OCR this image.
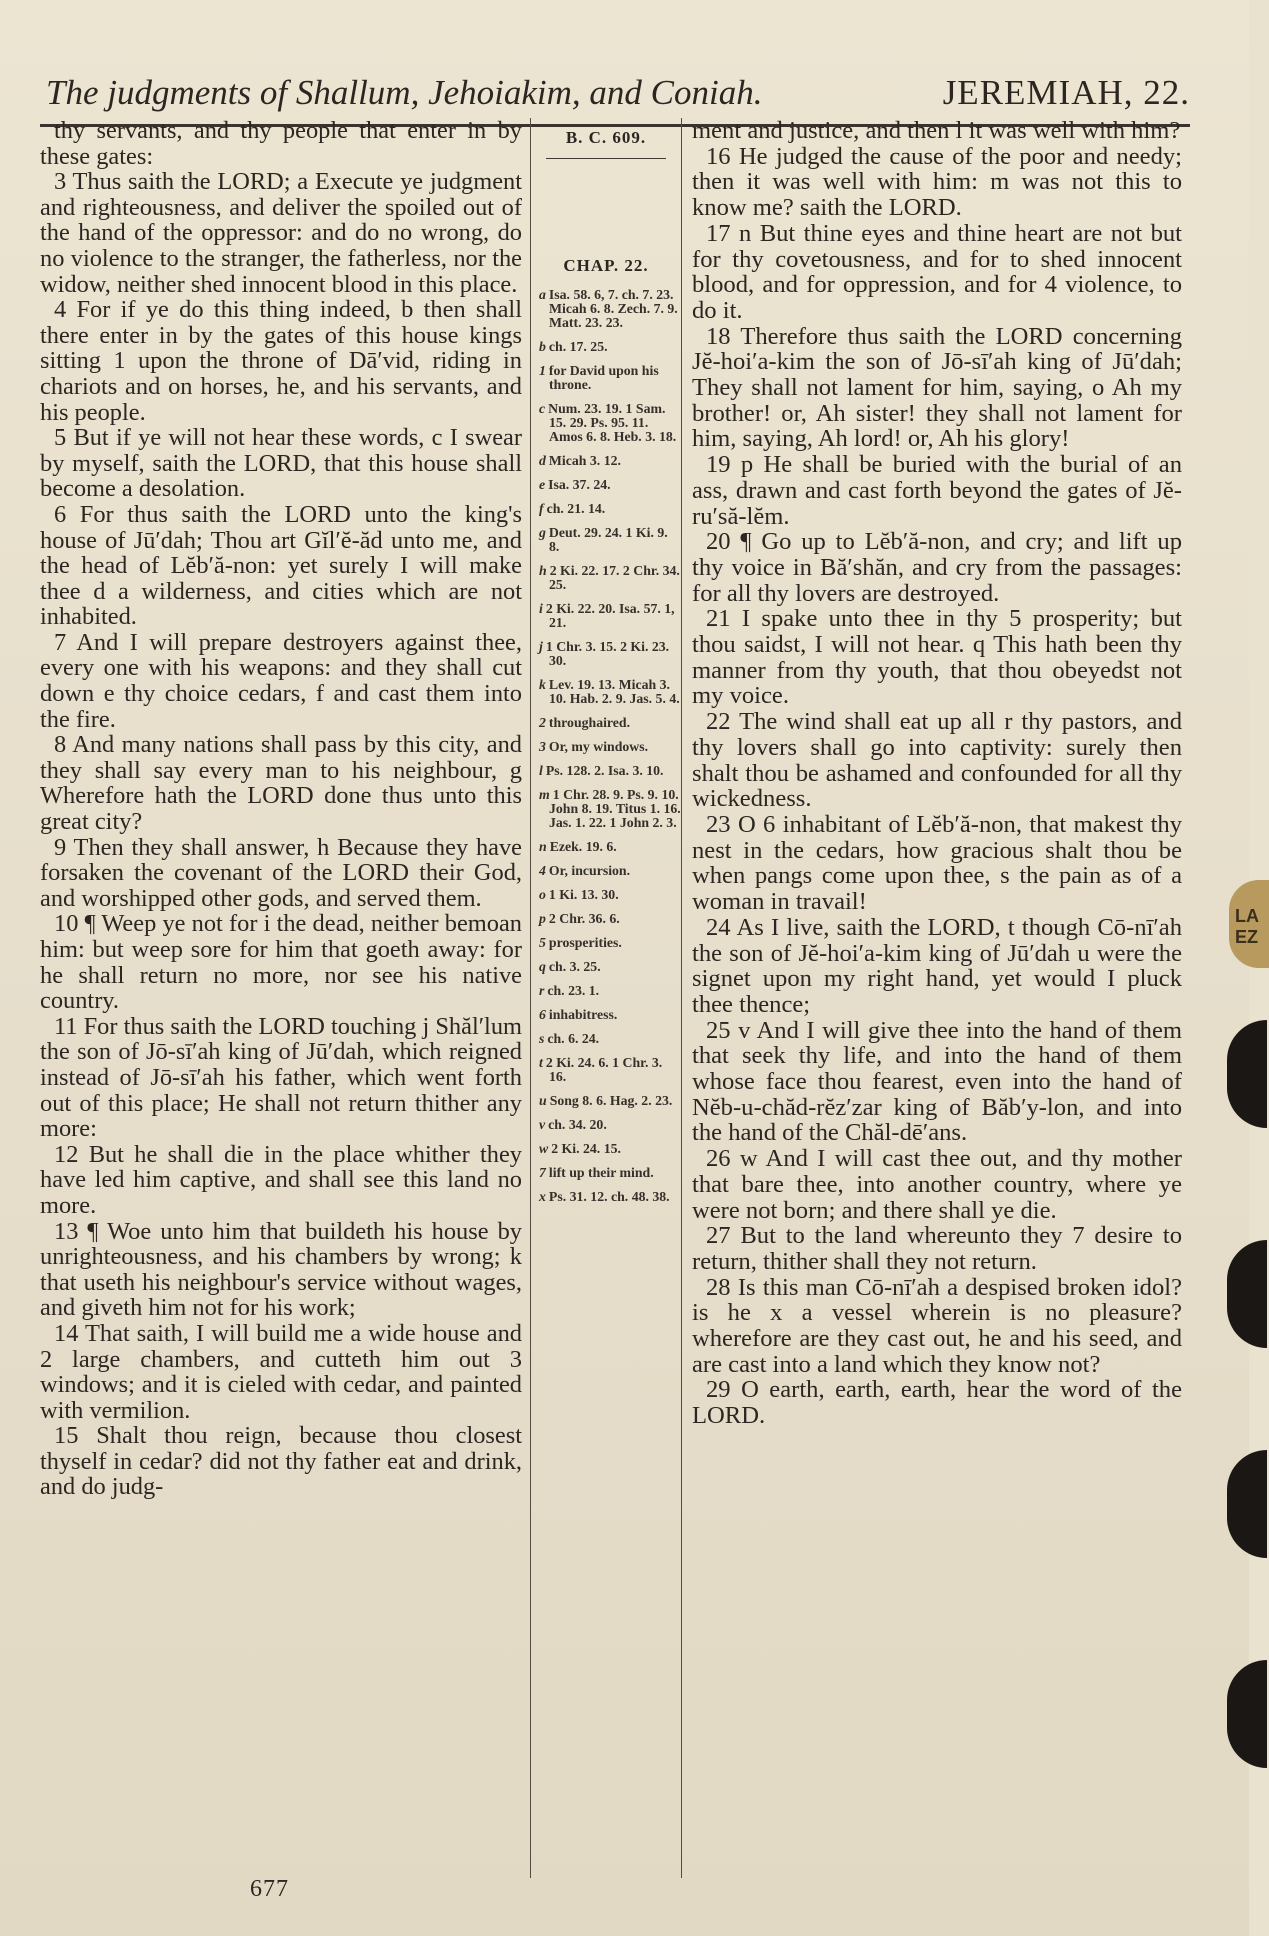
The judgments of Shallum, Jehoiakim, and Coniah.	JEREMIAH, 22.

thy servants, and thy people that enter in by these gates:

3 Thus saith the LORD; a Execute ye judgment and righteousness, and deliver the spoiled out of the hand of the oppressor: and do no wrong, do no violence to the stranger, the fatherless, nor the widow, neither shed innocent blood in this place.

4 For if ye do this thing indeed, b then shall there enter in by the gates of this house kings sitting 1 upon the throne of Dā′vid, riding in chariots and on horses, he, and his servants, and his people.

5 But if ye will not hear these words, c I swear by myself, saith the LORD, that this house shall become a desolation.

6 For thus saith the LORD unto the king's house of Jū′dah; Thou art Gĭl′ĕ-ăd unto me, and the head of Lĕb′ă-non: yet surely I will make thee d a wilderness, and cities which are not inhabited.

7 And I will prepare destroyers against thee, every one with his weapons: and they shall cut down e thy choice cedars, f and cast them into the fire.

8 And many nations shall pass by this city, and they shall say every man to his neighbour, g Wherefore hath the LORD done thus unto this great city?

9 Then they shall answer, h Because they have forsaken the covenant of the LORD their God, and worshipped other gods, and served them.

10 ¶ Weep ye not for i the dead, neither bemoan him: but weep sore for him that goeth away: for he shall return no more, nor see his native country.

11 For thus saith the LORD touching j Shăl′lum the son of Jō-sī′ah king of Jū′dah, which reigned instead of Jō-sī′ah his father, which went forth out of this place; He shall not return thither any more:

12 But he shall die in the place whither they have led him captive, and shall see this land no more.

13 ¶ Woe unto him that buildeth his house by unrighteousness, and his chambers by wrong; k that useth his neighbour's service without wages, and giveth him not for his work;

14 That saith, I will build me a wide house and 2 large chambers, and cutteth him out 3 windows; and it is cieled with cedar, and painted with vermilion.

15 Shalt thou reign, because thou closest thyself in cedar? did not thy father eat and drink, and do judg-

B. C. 609.
CHAP. 22.
a Isa. 58. 6, 7. ch. 7. 23. Micah 6. 8. Zech. 7. 9. Matt. 23. 23.
b ch. 17. 25.
1 for David upon his throne.
c Num. 23. 19. 1 Sam. 15. 29. Ps. 95. 11. Amos 6. 8. Heb. 3. 18.
d Micah 3. 12.
e Isa. 37. 24.
f ch. 21. 14.
g Deut. 29. 24. 1 Ki. 9. 8.
h 2 Ki. 22. 17. 2 Chr. 34. 25.
i 2 Ki. 22. 20. Isa. 57. 1, 21.
j 1 Chr. 3. 15. 2 Ki. 23. 30.
k Lev. 19. 13. Micah 3. 10. Hab. 2. 9. Jas. 5. 4.
2 throughaired.
3 Or, my windows.
l Ps. 128. 2. Isa. 3. 10.
m 1 Chr. 28. 9. Ps. 9. 10. John 8. 19. Titus 1. 16. Jas. 1. 22. 1 John 2. 3.
n Ezek. 19. 6.
4 Or, incursion.
o 1 Ki. 13. 30.
p 2 Chr. 36. 6.
5 prosperities.
q ch. 3. 25.
r ch. 23. 1.
6 inhabitress.
s ch. 6. 24.
t 2 Ki. 24. 6. 1 Chr. 3. 16.
u Song 8. 6. Hag. 2. 23.
v ch. 34. 20.
w 2 Ki. 24. 15.
7 lift up their mind.
x Ps. 31. 12. ch. 48. 38.

ment and justice, and then l it was well with him?

16 He judged the cause of the poor and needy; then it was well with him: m was not this to know me? saith the LORD.

17 n But thine eyes and thine heart are not but for thy covetousness, and for to shed innocent blood, and for oppression, and for 4 violence, to do it.

18 Therefore thus saith the LORD concerning Jĕ-hoi′a-kim the son of Jō-sī′ah king of Jū′dah; They shall not lament for him, saying, o Ah my brother! or, Ah sister! they shall not lament for him, saying, Ah lord! or, Ah his glory!

19 p He shall be buried with the burial of an ass, drawn and cast forth beyond the gates of Jĕ-ru′să-lĕm.

20 ¶ Go up to Lĕb′ă-non, and cry; and lift up thy voice in Bă′shăn, and cry from the passages: for all thy lovers are destroyed.

21 I spake unto thee in thy 5 prosperity; but thou saidst, I will not hear. q This hath been thy manner from thy youth, that thou obeyedst not my voice.

22 The wind shall eat up all r thy pastors, and thy lovers shall go into captivity: surely then shalt thou be ashamed and confounded for all thy wickedness.

23 O 6 inhabitant of Lĕb′ă-non, that makest thy nest in the cedars, how gracious shalt thou be when pangs come upon thee, s the pain as of a woman in travail!

24 As I live, saith the LORD, t though Cō-nī′ah the son of Jĕ-hoi′a-kim king of Jū′dah u were the signet upon my right hand, yet would I pluck thee thence;

25 v And I will give thee into the hand of them that seek thy life, and into the hand of them whose face thou fearest, even into the hand of Nĕb-u-chăd-rĕz′zar king of Băb′y-lon, and into the hand of the Chăl-dē′ans.

26 w And I will cast thee out, and thy mother that bare thee, into another country, where ye were not born; and there shall ye die.

27 But to the land whereunto they 7 desire to return, thither shall they not return.

28 Is this man Cō-nī′ah a despised broken idol? is he x a vessel wherein is no pleasure? wherefore are they cast out, he and his seed, and are cast into a land which they know not?

29 O earth, earth, earth, hear the word of the LORD.

677
LA EZ
